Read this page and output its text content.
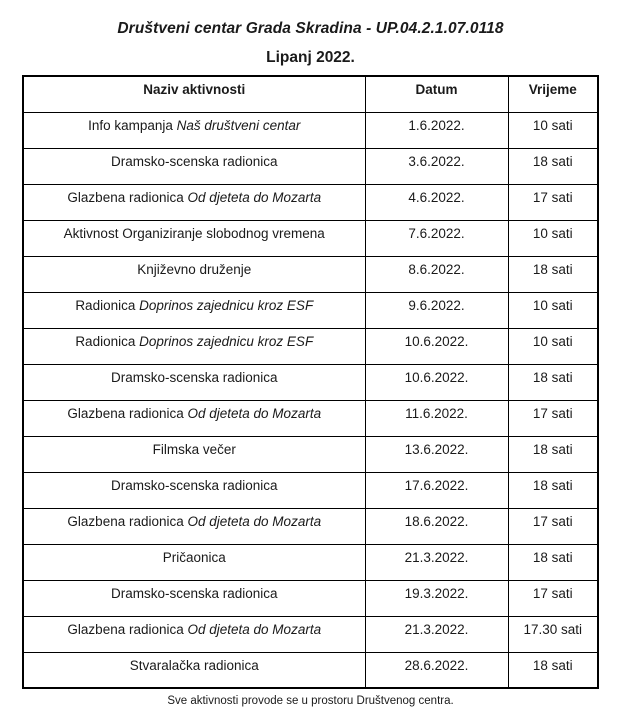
Društveni centar Grada Skradina - UP.04.2.1.07.0118
Lipanj 2022.
Naziv aktivnosti	Datum	Vrijeme
Info kampanja Naš društveni centar	1.6.2022.	10 sati
Dramsko-scenska radionica	3.6.2022.	18 sati
Glazbena radionica Od djeteta do Mozarta	4.6.2022.	17 sati
Aktivnost Organiziranje slobodnog vremena	7.6.2022.	10 sati
Književno druženje	8.6.2022.	18 sati
Radionica Doprinos zajednicu kroz ESF	9.6.2022.	10 sati
Radionica Doprinos zajednicu kroz ESF	10.6.2022.	10 sati
Dramsko-scenska radionica	10.6.2022.	18 sati
Glazbena radionica Od djeteta do Mozarta	11.6.2022.	17 sati
Filmska večer	13.6.2022.	18 sati
Dramsko-scenska radionica	17.6.2022.	18 sati
Glazbena radionica Od djeteta do Mozarta	18.6.2022.	17 sati
Pričaonica	21.3.2022.	18 sati
Dramsko-scenska radionica	19.3.2022.	17 sati
Glazbena radionica Od djeteta do Mozarta	21.3.2022.	17.30 sati
Stvaralačka radionica	28.6.2022.	18 sati
Sve aktivnosti provode se u prostoru Društvenog centra.
